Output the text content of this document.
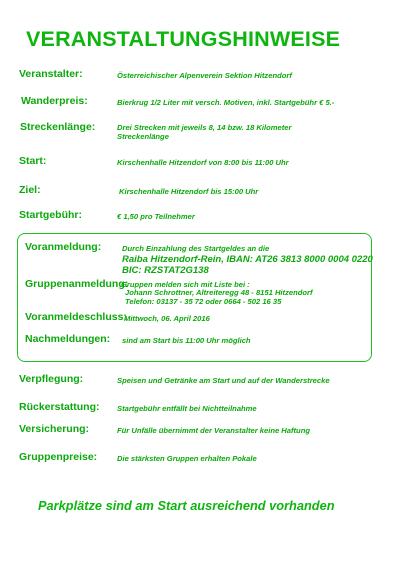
VERANSTALTUNGSHINWEISE
Veranstalter:	Österreichischer Alpenverein Sektion Hitzendorf
Wanderpreis:	Bierkrug 1/2 Liter mit versch. Motiven, inkl. Startgebühr € 5.-
Streckenlänge:	Drei Strecken mit jeweils 8, 14 bzw. 18 Kilometer
Streckenlänge
Start:	Kirschenhalle Hitzendorf von 8:00 bis 11:00 Uhr
Ziel:	Kirschenhalle Hitzendorf bis 15:00 Uhr
Startgebühr:	€ 1,50 pro Teilnehmer
Voranmeldung:	Durch Einzahlung des Startgeldes an die
Raiba Hitzendorf-Rein, IBAN: AT26 3813 8000 0004 0220
BIC: RZSTAT2G138
Gruppenanmeldung:
Gruppen melden sich mit Liste bei :
Johann Schrottner, Altreiteregg 48 - 8151 Hitzendorf
Telefon: 03137 - 35 72 oder 0664 - 502 16 35
Voranmeldeschluss:
Mittwoch, 06. April 2016
Nachmeldungen: sind am Start bis 11:00 Uhr möglich
Verpflegung:	Speisen und Getränke am Start und auf der Wanderstrecke
Rückerstattung: Startgebühr entfällt bei Nichtteilnahme
Versicherung:	Für Unfälle übernimmt der Veranstalter keine Haftung
Gruppenpreise:	Die stärksten Gruppen erhalten Pokale
Parkplätze sind am Start ausreichend vorhanden
